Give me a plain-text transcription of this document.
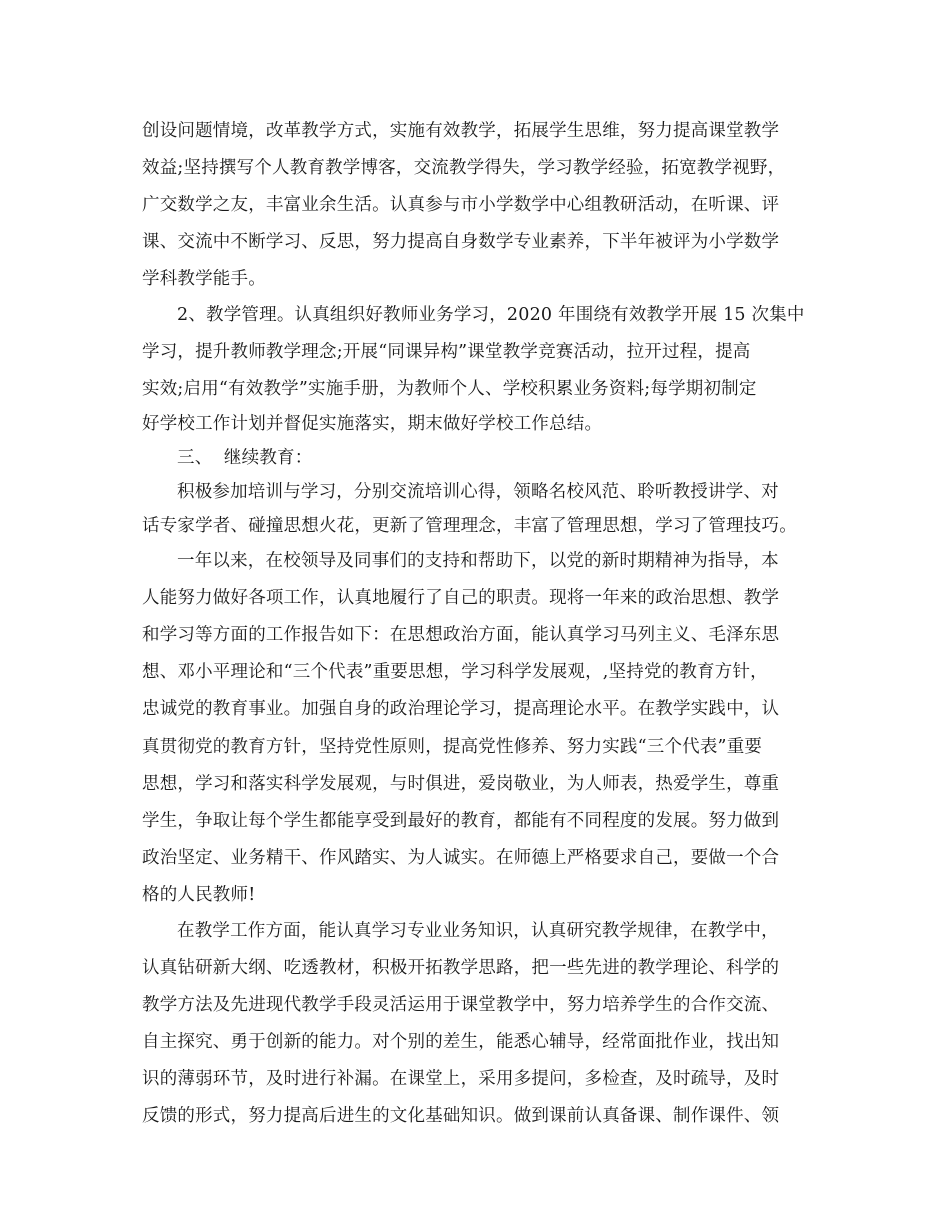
创设问题情境，改革教学方式，实施有效教学，拓展学生思维，努力提高课堂教学
效益;坚持撰写个人教育教学博客，交流教学得失，学习教学经验，拓宽教学视野，
广交数学之友，丰富业余生活。认真参与市小学数学中心组教研活动，在听课、评
课、交流中不断学习、反思，努力提高自身数学专业素养，下半年被评为小学数学
学科教学能手。
2、教学管理。认真组织好教师业务学习，2020 年围绕有效教学开展 15 次集中
学习，提升教师教学理念;开展“同课异构”课堂教学竞赛活动，拉开过程，提高
实效;启用“有效教学”实施手册，为教师个人、学校积累业务资料;每学期初制定
好学校工作计划并督促实施落实，期末做好学校工作总结。
三、  继续教育：
积极参加培训与学习，分别交流培训心得，领略名校风范、聆听教授讲学、对
话专家学者、碰撞思想火花，更新了管理理念，丰富了管理思想，学习了管理技巧。
一年以来，在校领导及同事们的支持和帮助下，以党的新时期精神为指导，本
人能努力做好各项工作，认真地履行了自己的职责。现将一年来的政治思想、教学
和学习等方面的工作报告如下：在思想政治方面，能认真学习马列主义、毛泽东思
想、邓小平理论和“三个代表”重要思想，学习科学发展观，,坚持党的教育方针，
忠诚党的教育事业。加强自身的政治理论学习，提高理论水平。在教学实践中，认
真贯彻党的教育方针，坚持党性原则，提高党性修养、努力实践“三个代表”重要
思想，学习和落实科学发展观，与时俱进，爱岗敬业，为人师表，热爱学生，尊重
学生，争取让每个学生都能享受到最好的教育，都能有不同程度的发展。努力做到
政治坚定、业务精干、作风踏实、为人诚实。在师德上严格要求自己，要做一个合
格的人民教师!
在教学工作方面，能认真学习专业业务知识，认真研究教学规律，在教学中，
认真钻研新大纲、吃透教材，积极开拓教学思路，把一些先进的教学理论、科学的
教学方法及先进现代教学手段灵活运用于课堂教学中，努力培养学生的合作交流、
自主探究、勇于创新的能力。对个别的差生，能悉心辅导，经常面批作业，找出知
识的薄弱环节，及时进行补漏。在课堂上，采用多提问，多检查，及时疏导，及时
反馈的形式，努力提高后进生的文化基础知识。做到课前认真备课、制作课件、领
